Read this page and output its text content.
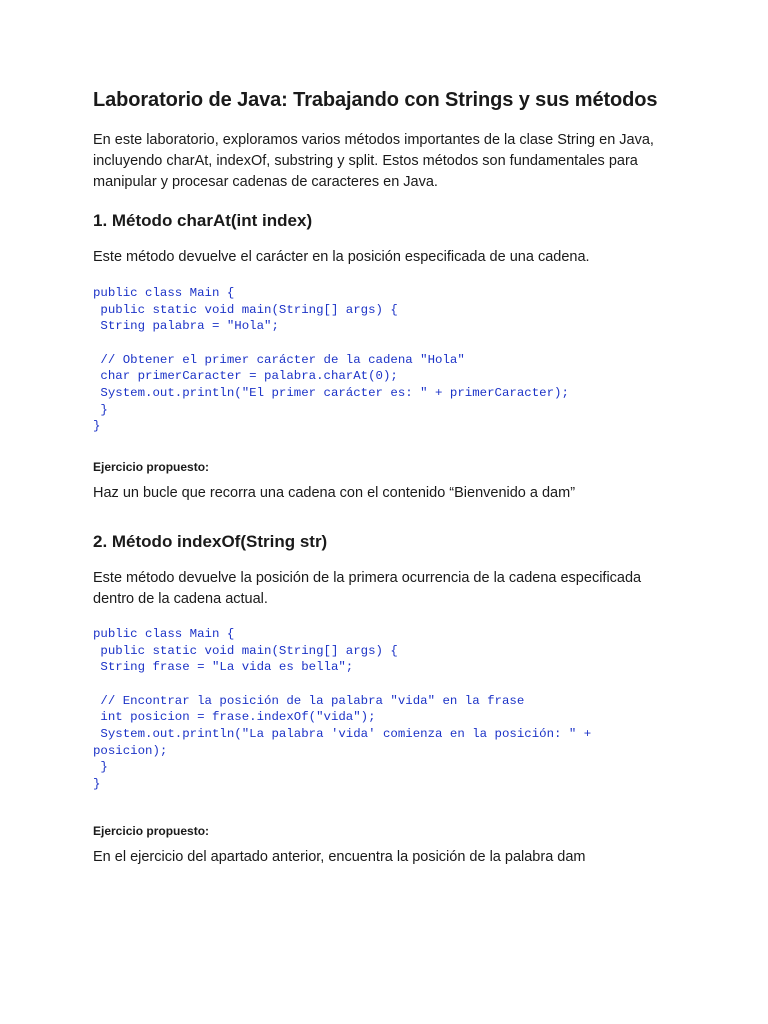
Laboratorio de Java: Trabajando con Strings y sus métodos

En este laboratorio, exploramos varios métodos importantes de la clase String en Java, incluyendo charAt, indexOf, substring y split. Estos métodos son fundamentales para manipular y procesar cadenas de caracteres en Java.

1. Método charAt(int index)

Este método devuelve el carácter en la posición especificada de una cadena.

public class Main {
public static void main(String[] args) {
String palabra = "Hola";

// Obtener el primer carácter de la cadena "Hola"
char primerCaracter = palabra.charAt(0);
System.out.println("El primer carácter es: " + primerCaracter);
}
}
Ejercicio propuesto:

Haz un bucle que recorra una cadena con el contenido “Bienvenido a dam”

2. Método indexOf(String str)

Este método devuelve la posición de la primera ocurrencia de la cadena especificada dentro de la cadena actual.

public class Main {
public static void main(String[] args) {
String frase = "La vida es bella";

// Encontrar la posición de la palabra "vida" en la frase
int posicion = frase.indexOf("vida");
System.out.println("La palabra 'vida' comienza en la posición: " +
posicion);
}
}
Ejercicio propuesto:

En el ejercicio del apartado anterior, encuentra la posición de la palabra dam
